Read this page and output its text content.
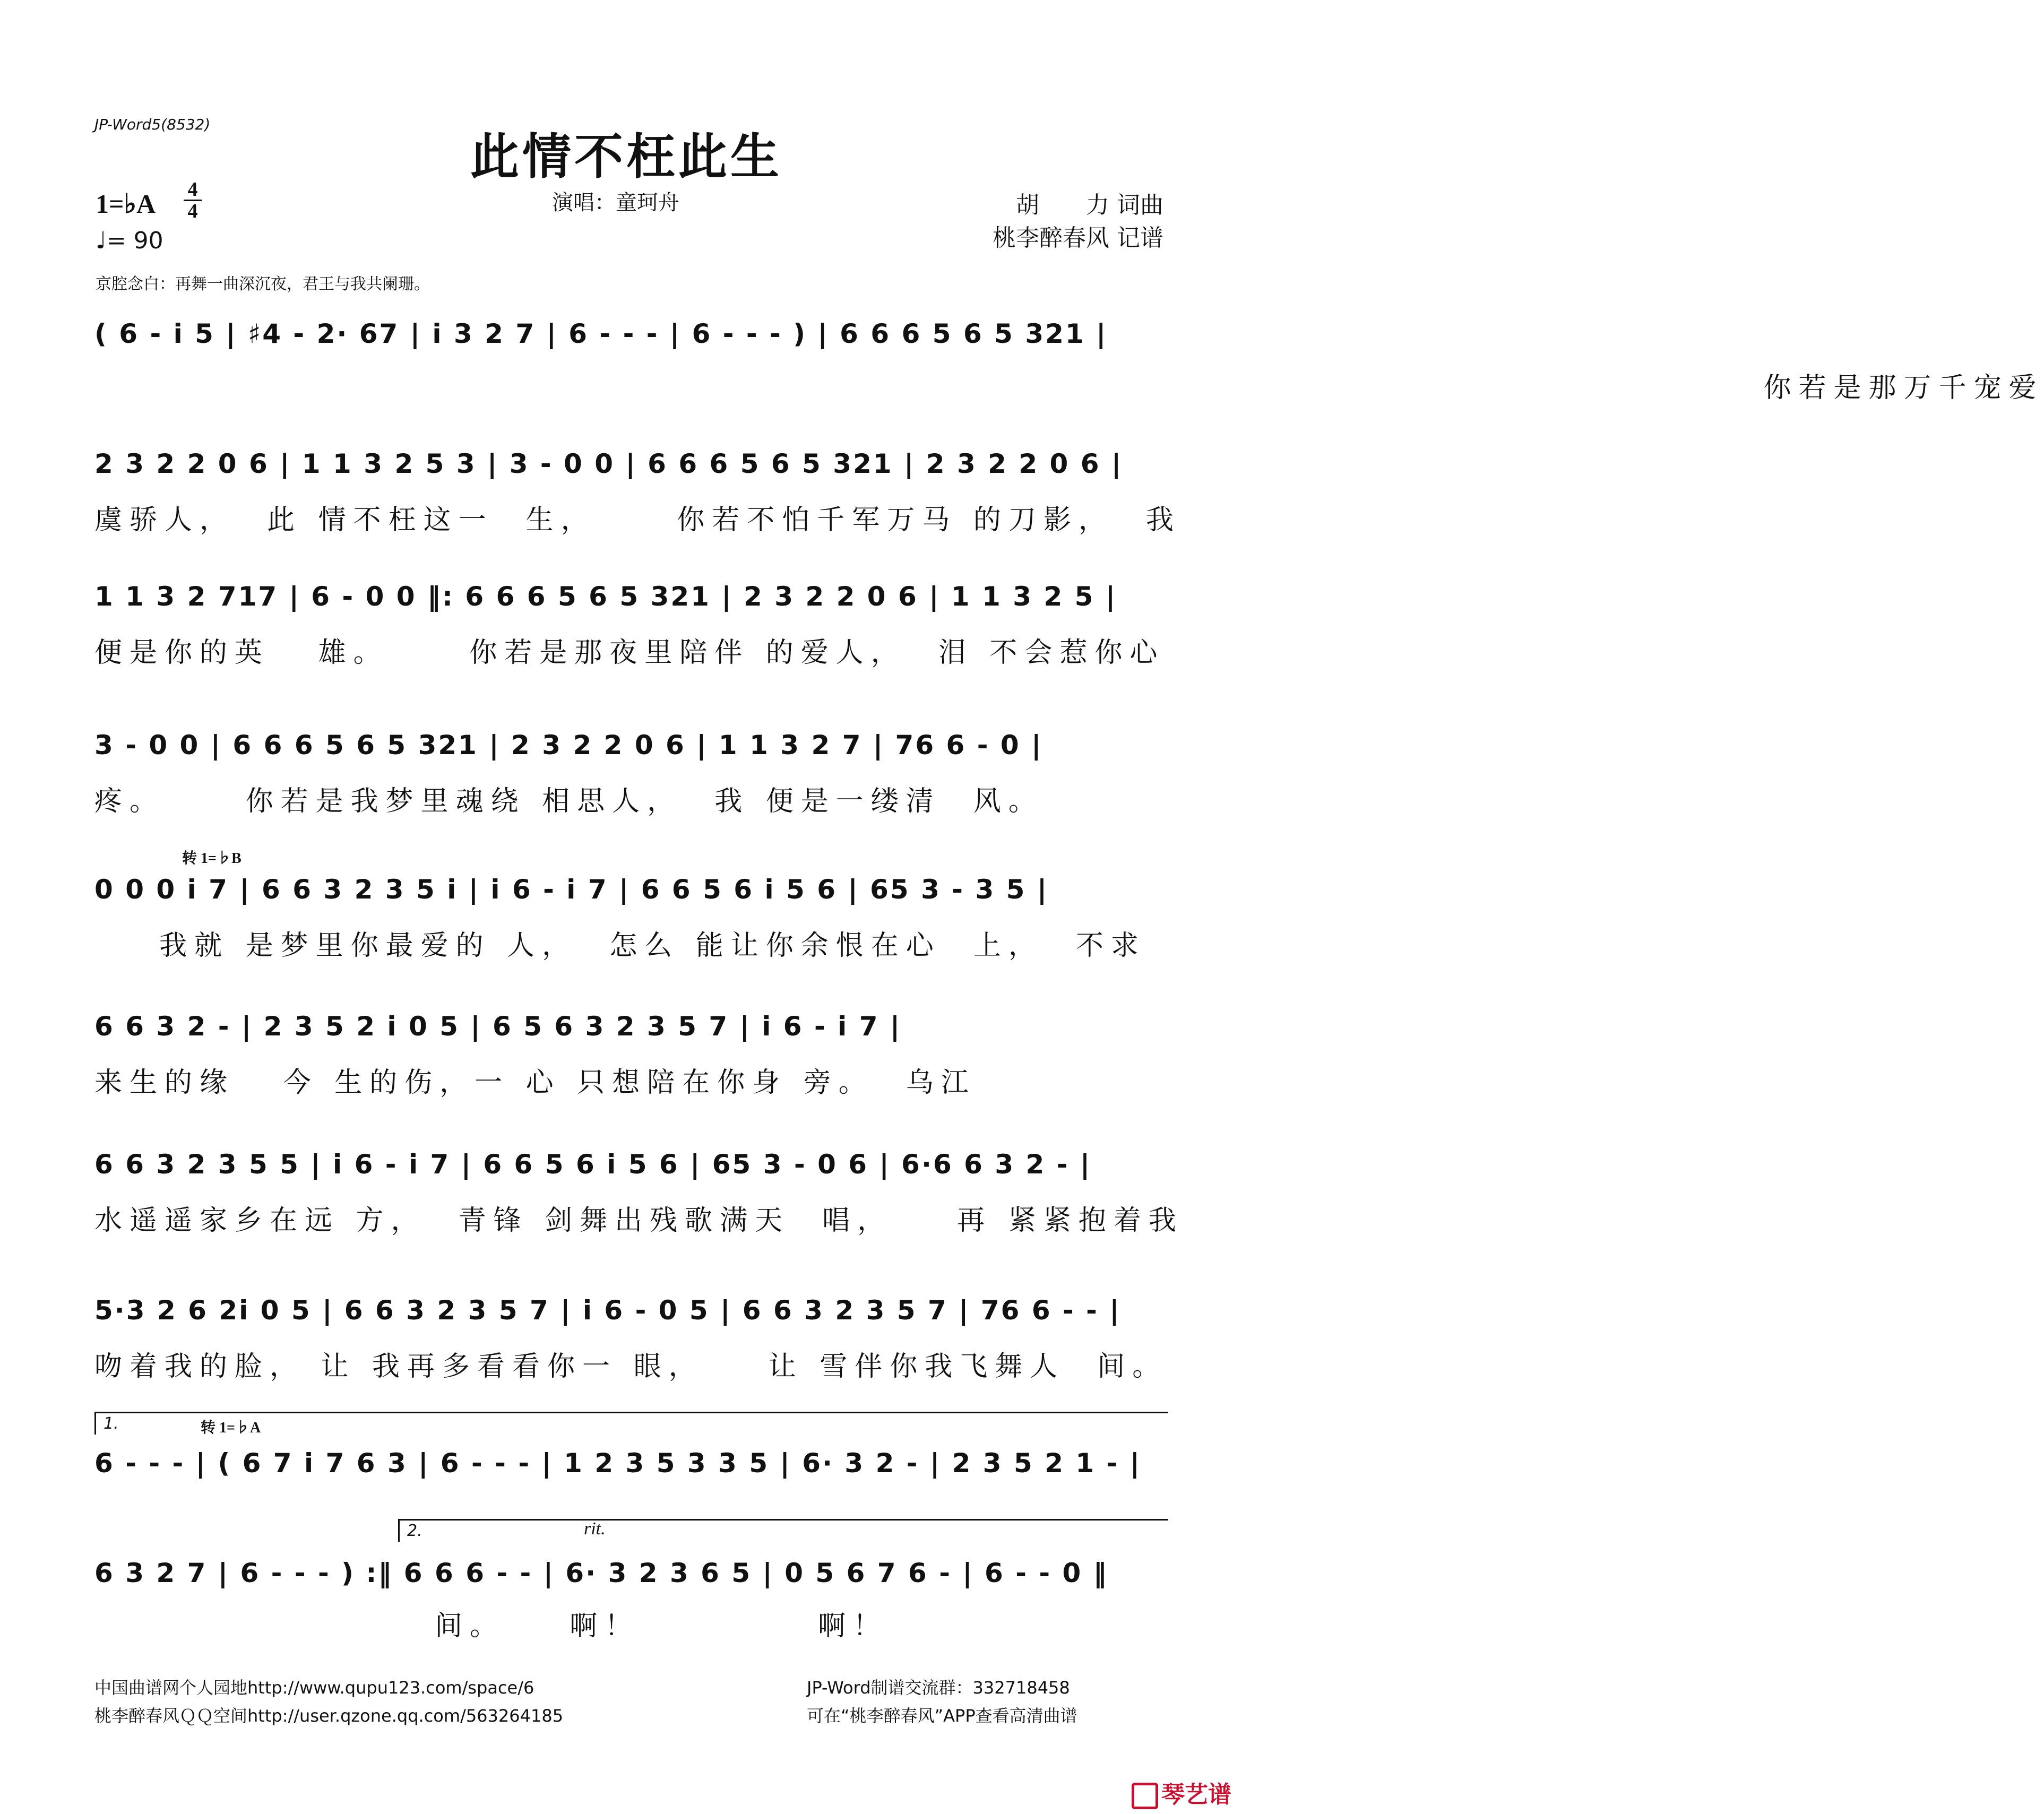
JP-Word5(8532)
此情不枉此生
1=♭A 4
4
♩= 90
演唱：童珂舟	胡　　力 词曲
桃李醉春风 记谱
京腔念白：再舞一曲深沉夜，君王与我共阑珊。
( 6 - i 5 | ♯4 - 2· 67 | i 3 2 7 | 6 - - - | 6 - - - ) | 6 6 6 5 6 5 321 |
你若是那万千宠爱
2 3 2 2 0 6 | 1 1 3 2 5 3 | 3 - 0 0 | 6 6 6 5 6 5 321 | 2 3 2 2 0 6 |
虞骄人，  此 情不枉这一  生，     你若不怕千军万马 的刀影，  我
1 1 3 2 717 | 6 - 0 0 ‖: 6 6 6 5 6 5 321 | 2 3 2 2 0 6 | 1 1 3 2 5 |
便是你的英   雄。     你若是那夜里陪伴 的爱人，  泪 不会惹你心
3 - 0 0 | 6 6 6 5 6 5 321 | 2 3 2 2 0 6 | 1 1 3 2 7 | 76 6 - 0 |
疼。     你若是我梦里魂绕 相思人，  我 便是一缕清  风。
转 1=♭B
0 0 0 i 7 | 6 6 3 2 3 5 i | i 6 - i 7 | 6 6 5 6 i 5 6 | 65 3 - 3 5 |
我就 是梦里你最爱的 人，  怎么 能让你余恨在心  上，  不求
6 6 3 2 - | 2 3 5 2 i 0 5 | 6 5 6 3 2 3 5 7 | i 6 - i 7 |
来生的缘   今 生的伤，一 心 只想陪在你身 旁。  乌江
6 6 3 2 3 5 5 | i 6 - i 7 | 6 6 5 6 i 5 6 | 65 3 - 0 6 | 6·6 6 3 2 - |
水遥遥家乡在远 方，  青锋 剑舞出残歌满天  唱，    再 紧紧抱着我
5·3 2 6 2i 0 5 | 6 6 3 2 3 5 7 | i 6 - 0 5 | 6 6 3 2 3 5 7 | 76 6 - - |
吻着我的脸， 让 我再多看看你一 眼，    让 雪伴你我飞舞人  间。
1.	转 1=♭A
6 - - - | ( 6 7 i 7 6 3 | 6 - - - | 1 2 3 5 3 3 5 | 6· 3 2 - | 2 3 5 2 1 - |
2.	rit.
6 3 2 7 | 6 - - - ) :‖ 6 6 6 - - | 6· 3 2 3 6 5 | 0 5 6 7 6 - | 6 - - 0 ‖
间。    啊！           啊！
中国曲谱网个人园地http://www.qupu123.com/space/6
桃李醉春风ＱＱ空间http://user.qzone.qq.com/563264185
JP-Word制谱交流群：332718458
可在“桃李醉春风”APP查看高清曲谱
琴艺谱
